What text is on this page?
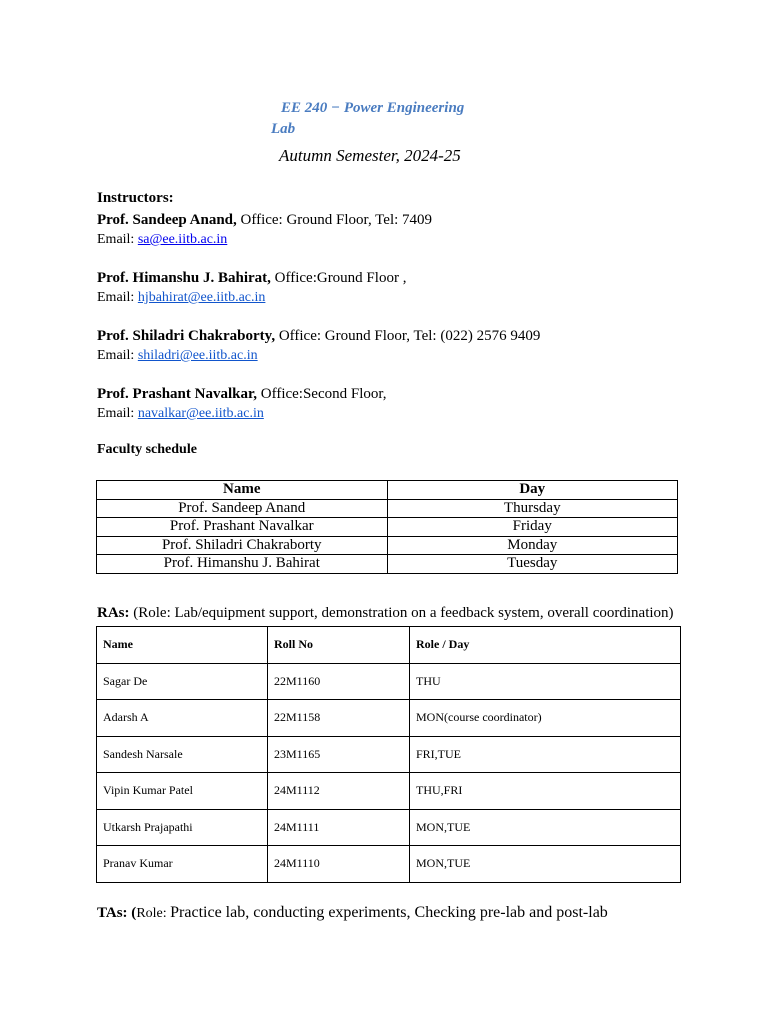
EE 240 − Power Engineering Lab
Autumn Semester, 2024-25
Instructors:
Prof. Sandeep Anand, Office: Ground Floor, Tel: 7409
Email: sa@ee.iitb.ac.in
Prof. Himanshu J. Bahirat, Office:Ground Floor ,
Email: hjbahirat@ee.iitb.ac.in
Prof. Shiladri Chakraborty, Office: Ground Floor, Tel: (022) 2576 9409
Email: shiladri@ee.iitb.ac.in
Prof. Prashant Navalkar, Office:Second Floor,
Email: navalkar@ee.iitb.ac.in
Faculty schedule
Name	Day
Prof. Sandeep Anand	Thursday
Prof. Prashant Navalkar	Friday
Prof. Shiladri Chakraborty	Monday
Prof. Himanshu J. Bahirat	Tuesday
RAs: (Role: Lab/equipment support, demonstration on a feedback system, overall coordination)
Name	Roll No	Role / Day
Sagar De	22M1160	THU
Adarsh A	22M1158	MON(course coordinator)
Sandesh Narsale	23M1165	FRI,TUE
Vipin Kumar Patel	24M1112	THU,FRI
Utkarsh Prajapathi	24M1111	MON,TUE
Pranav Kumar	24M1110	MON,TUE
TAs: (Role: Practice lab, conducting experiments, Checking pre-lab and post-lab
